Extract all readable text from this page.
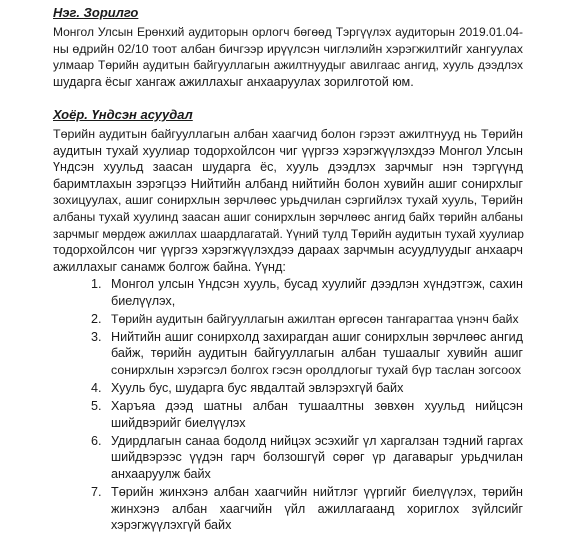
Нэг. Зорилго
Монгол Улсын Ерөнхий аудиторын орлогч бөгөөд Тэргүүлэх аудиторын 2019.01.04-
ны өдрийн 02/10 тоот албан бичгээр ирүүлсэн чиглэлийн хэрэгжилтийг хангуулах
улмаар Төрийн аудитын байгууллагын ажилтнуудыг авилгаас ангид, хууль дээдлэх
шударга ёсыг хангаж ажиллахыг анхааруулах зорилготой юм.
Хоёр. Үндсэн асуудал
Төрийн аудитын байгууллагын албан хаагчид болон гэрээт ажилтнууд нь Төрийн
аудитын тухай хуулиар тодорхойлсон чиг үүргээ хэрэгжүүлэхдээ Монгол Улсын
Үндсэн хуульд заасан шударга ёс, хууль дээдлэх зарчмыг нэн тэргүүнд
баримтлахын зэрэгцээ Нийтийн албанд нийтийн болон хувийн ашиг сонирхлыг
зохицуулах, ашиг сонирхлын зөрчлөөс урьдчилан сэргийлэх тухай хууль, Төрийн
албаны тухай хуулинд заасан ашиг сонирхлын зөрчлөөс ангид байх төрийн албаны
зарчмыг мөрдөж ажиллах шаардлагатай. Үүний тулд Төрийн аудитын тухай хуулиар
тодорхойлсон чиг үүргээ хэрэгжүүлэхдээ дараах зарчмын асуудлуудыг анхаарч
ажиллахыг санамж болгож байна. Үүнд:
1. Монгол улсын Үндсэн хууль, бусад хуулийг дээдлэн хүндэтгэж, сахин
биелүүлэх,
2. Төрийн аудитын байгууллагын ажилтан өргөсөн тангарагтаа үнэнч байх
3. Нийтийн ашиг сонирхолд захирагдан ашиг сонирхлын зөрчлөөс ангид
байж, төрийн аудитын байгууллагын албан тушаалыг хувийн ашиг
сонирхлын хэрэгсэл болгох гэсэн оролдлогыг тухай бүр таслан зогсоох
4. Хууль бус, шударга бус явдалтай эвлэрэхгүй байх
5. Харъяа дээд шатны албан тушаалтны зөвхөн хуульд нийцсэн
шийдвэрийг биелүүлэх
6. Удирдлагын санаа бодолд нийцэх эсэхийг үл харгалзан тэдний гаргах
шийдвэрээс үүдэн гарч болзошгүй сөрөг үр дагаварыг урьдчилан
анхааруулж байх
7. Төрийн жинхэнэ албан хаагчийн нийтлэг үүргийг биелүүлэх, төрийн
жинхэнэ албан хаагчийн үйл ажиллагаанд хориглох зүйлсийг
хэрэгжүүлэхгүй байх
